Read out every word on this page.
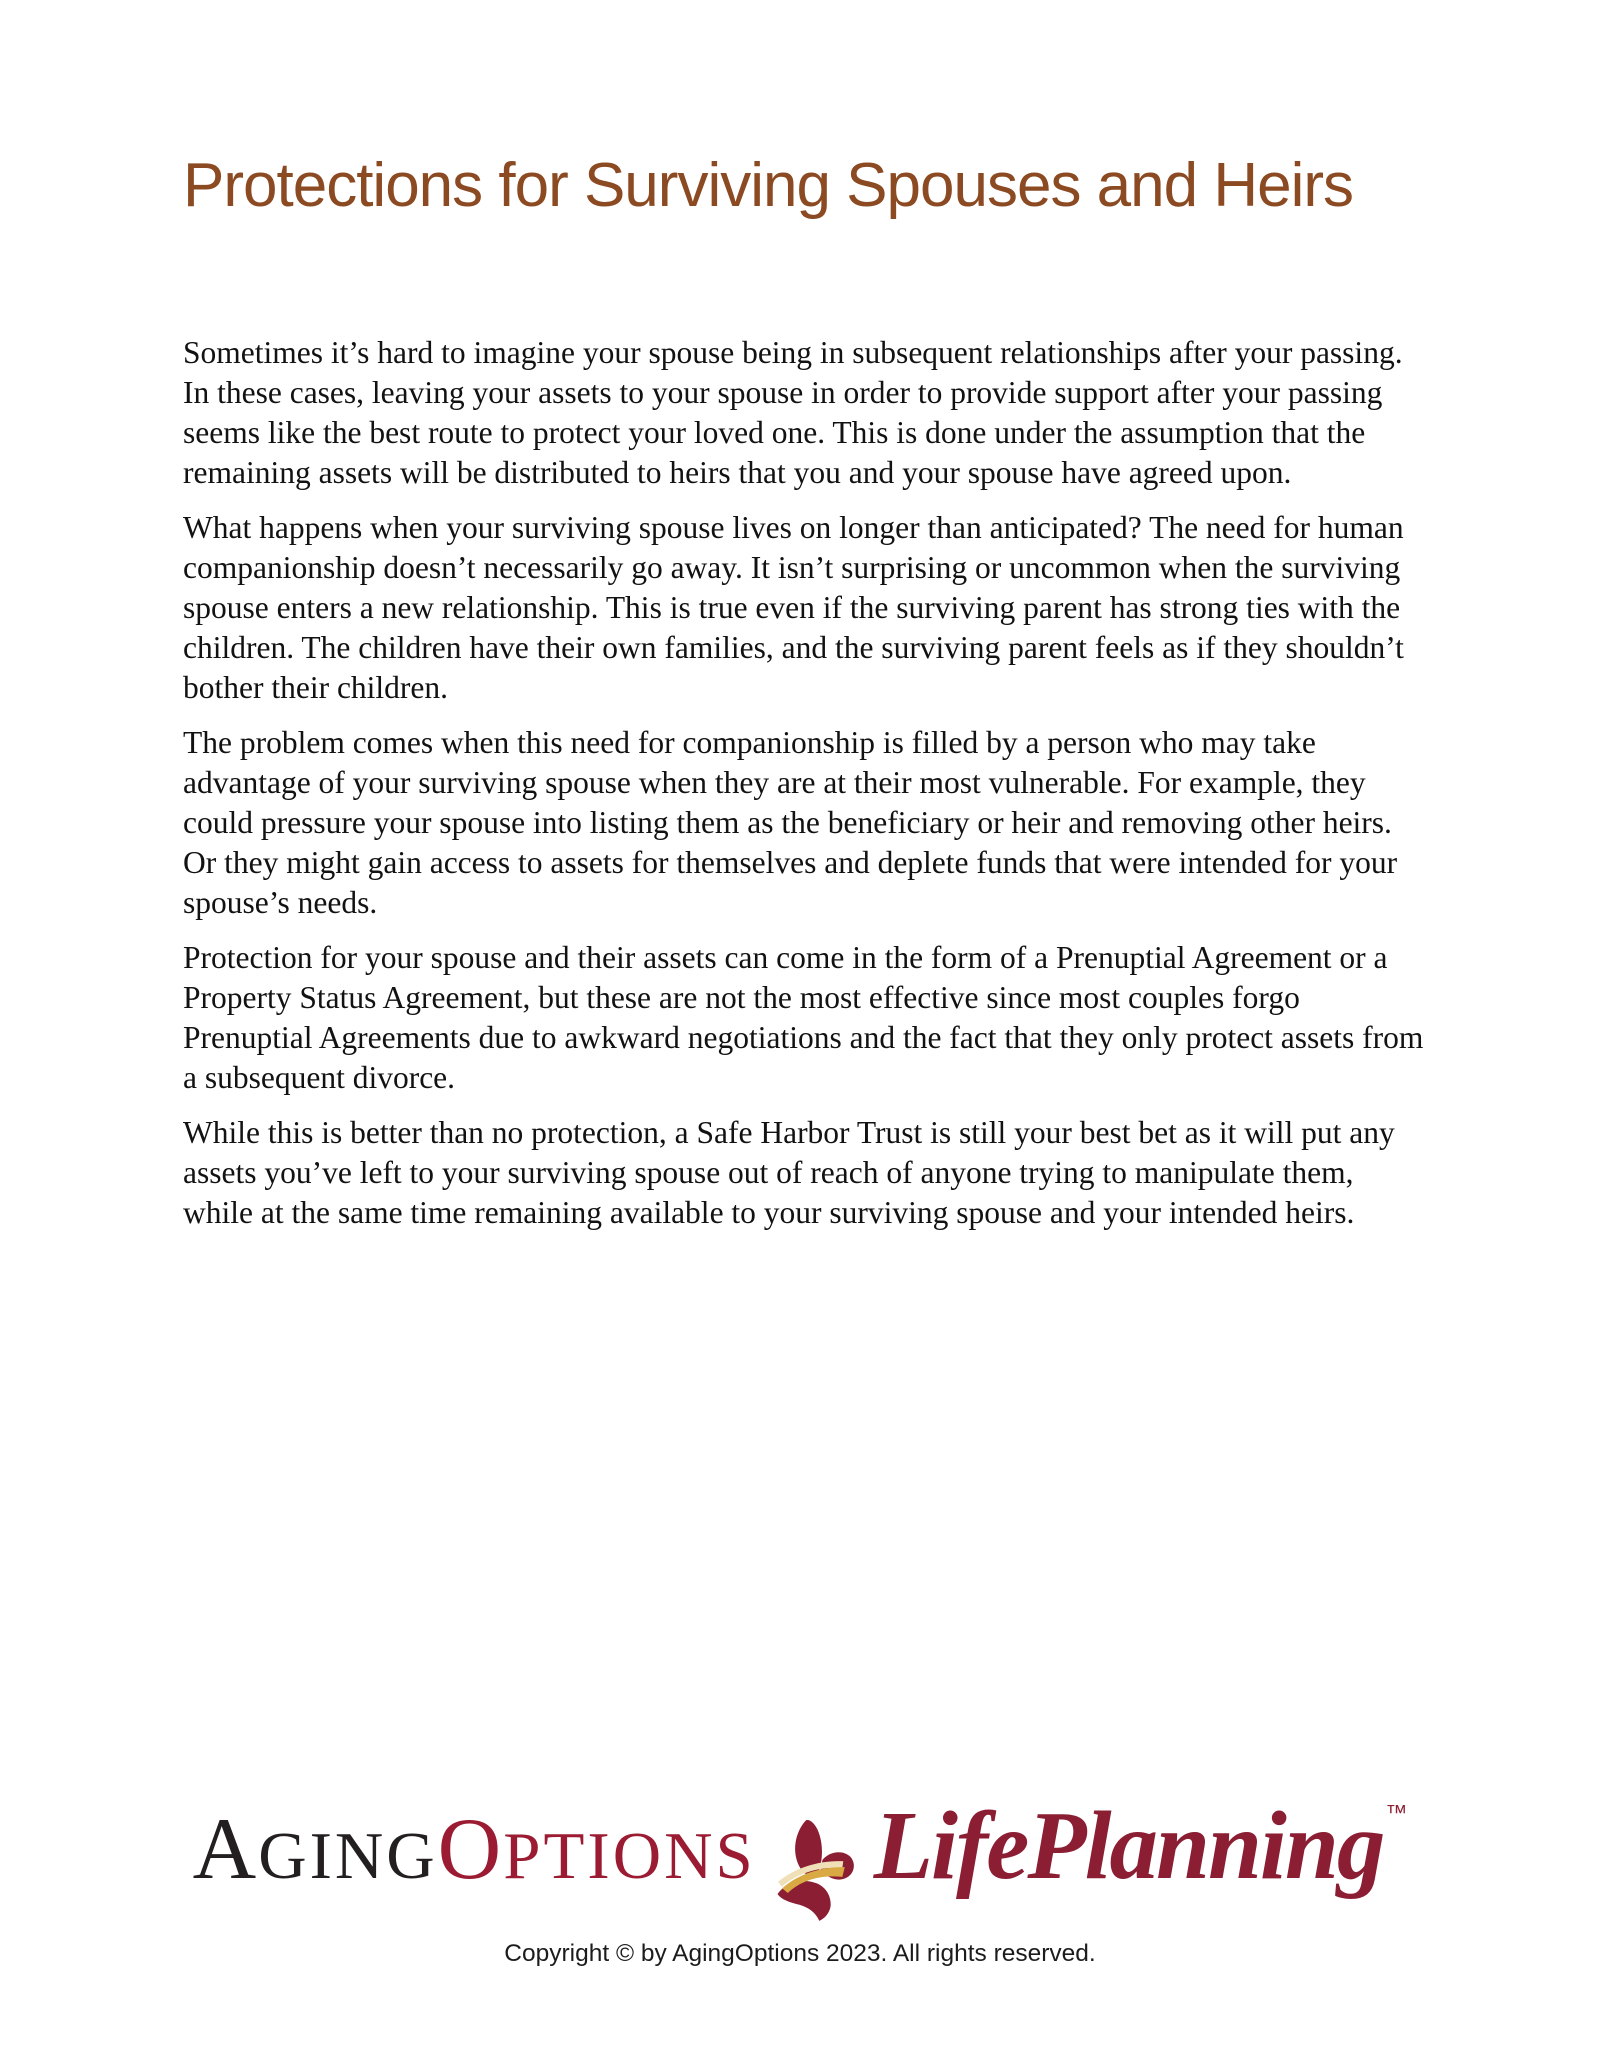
Protections for Surviving Spouses and Heirs

Sometimes it’s hard to imagine your spouse being in subsequent relationships after your passing. In these cases, leaving your assets to your spouse in order to provide support after your passing seems like the best route to protect your loved one. This is done under the assumption that the remaining assets will be distributed to heirs that you and your spouse have agreed upon.

What happens when your surviving spouse lives on longer than anticipated? The need for human companionship doesn’t necessarily go away. It isn’t surprising or uncommon when the surviving spouse enters a new relationship. This is true even if the surviving parent has strong ties with the children. The children have their own families, and the surviving parent feels as if they shouldn’t bother their children.

The problem comes when this need for companionship is filled by a person who may take advantage of your surviving spouse when they are at their most vulnerable. For example, they could pressure your spouse into listing them as the beneficiary or heir and removing other heirs. Or they might gain access to assets for themselves and deplete funds that were intended for your spouse’s needs.

Protection for your spouse and their assets can come in the form of a Prenuptial Agreement or a Property Status Agreement, but these are not the most effective since most couples forgo Prenuptial Agreements due to awkward negotiations and the fact that they only protect assets from a subsequent divorce.

While this is better than no protection, a Safe Harbor Trust is still your best bet as it will put any assets you’ve left to your surviving spouse out of reach of anyone trying to manipulate them, while at the same time remaining available to your surviving spouse and your intended heirs.

AGINGOPTIONS LifePlanning™
Copyright © by AgingOptions 2023. All rights reserved.
